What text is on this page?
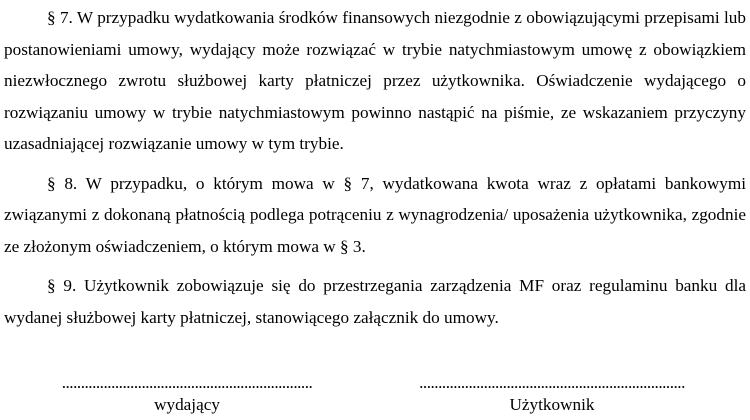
§ 7. W przypadku wydatkowania środków finansowych niezgodnie z obowiązującymi przepisami lub postanowieniami umowy, wydający może rozwiązać w trybie natychmiastowym umowę z obowiązkiem niezwłocznego zwrotu służbowej karty płatniczej przez użytkownika. Oświadczenie wydającego o rozwiązaniu umowy w trybie natychmiastowym powinno nastąpić na piśmie, ze wskazaniem przyczyny uzasadniającej rozwiązanie umowy w tym trybie.

§ 8. W przypadku, o którym mowa w § 7, wydatkowana kwota wraz z opłatami bankowymi związanymi z dokonaną płatnością podlega potrąceniu z wynagrodzenia/ uposażenia użytkownika, zgodnie ze złożonym oświadczeniem, o którym mowa w § 3.

§ 9. Użytkownik zobowiązuje się do przestrzegania zarządzenia MF oraz regulaminu banku dla wydanej służbowej karty płatniczej, stanowiącego załącznik do umowy.

..................................................................
wydający
......................................................................
Użytkownik
